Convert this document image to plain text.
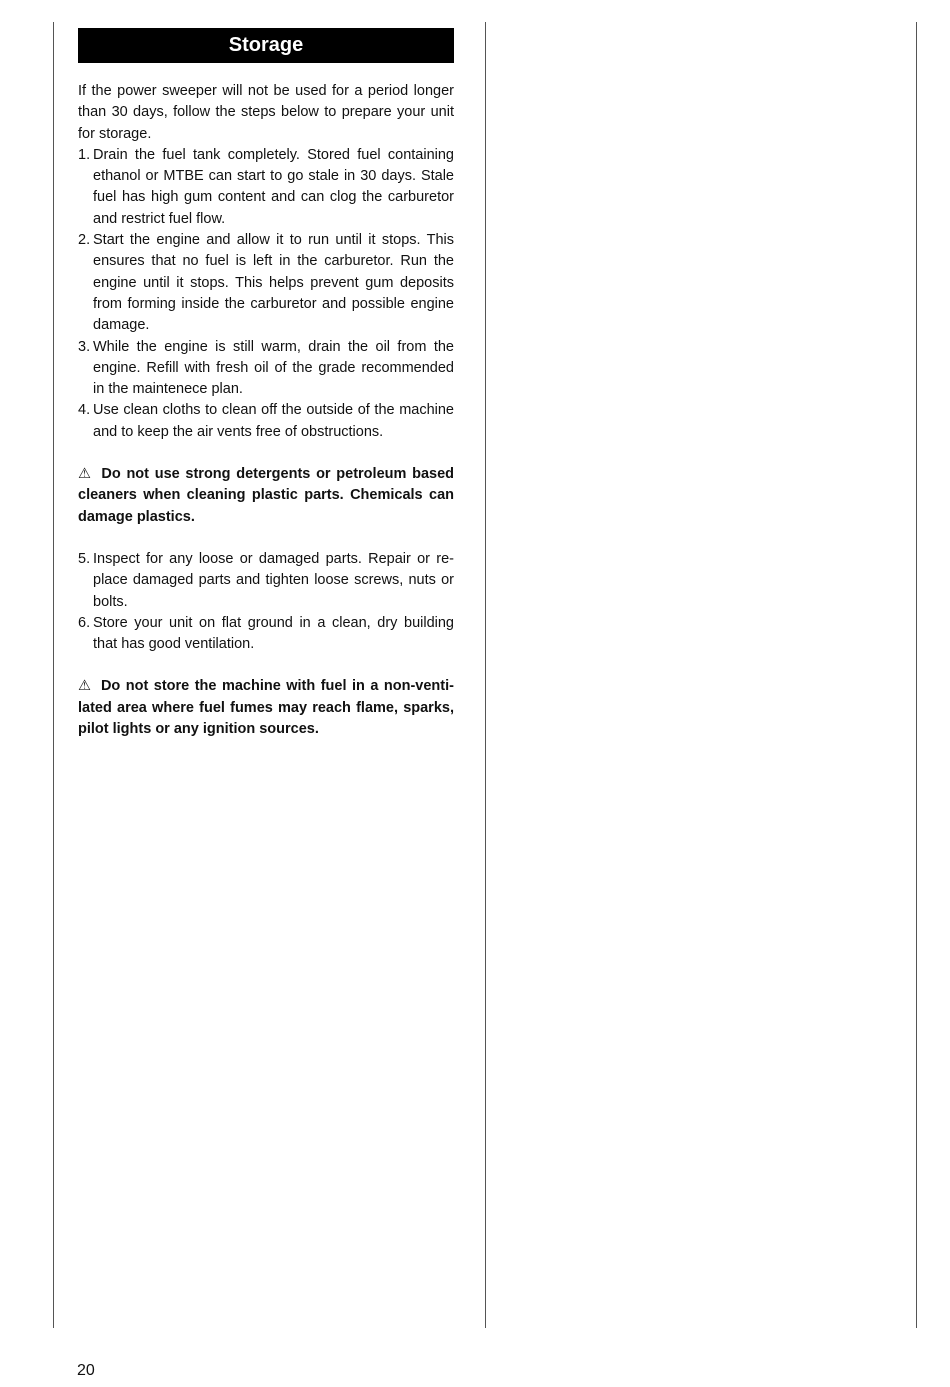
Storage

If the power sweeper will not be used for a period longer than 30 days, follow the steps below to prepare your unit for storage.

1. Drain the fuel tank completely. Stored fuel containing ethanol or MTBE can start to go stale in 30 days. Stale fuel has high gum content and can clog the carburetor and restrict fuel flow.
2. Start the engine and allow it to run until it stops. This ensures that no fuel is left in the carburetor. Run the engine until it stops. This helps prevent gum deposits from forming inside the carburetor and possible engine damage.
3. While the engine is still warm, drain the oil from the engine. Refill with fresh oil of the grade recommended in the maintenece plan.
4. Use clean cloths to clean off the outside of the machine and to keep the air vents free of obstructions.

⚠ Do not use strong detergents or petroleum based cleaners when cleaning plastic parts. Chemicals can damage plastics.

5. Inspect for any loose or damaged parts. Repair or replace damaged parts and tighten loose screws, nuts or bolts.
6. Store your unit on flat ground in a clean, dry building that has good ventilation.

⚠ Do not store the machine with fuel in a non-ventilated area where fuel fumes may reach flame, sparks, pilot lights or any ignition sources.

20
